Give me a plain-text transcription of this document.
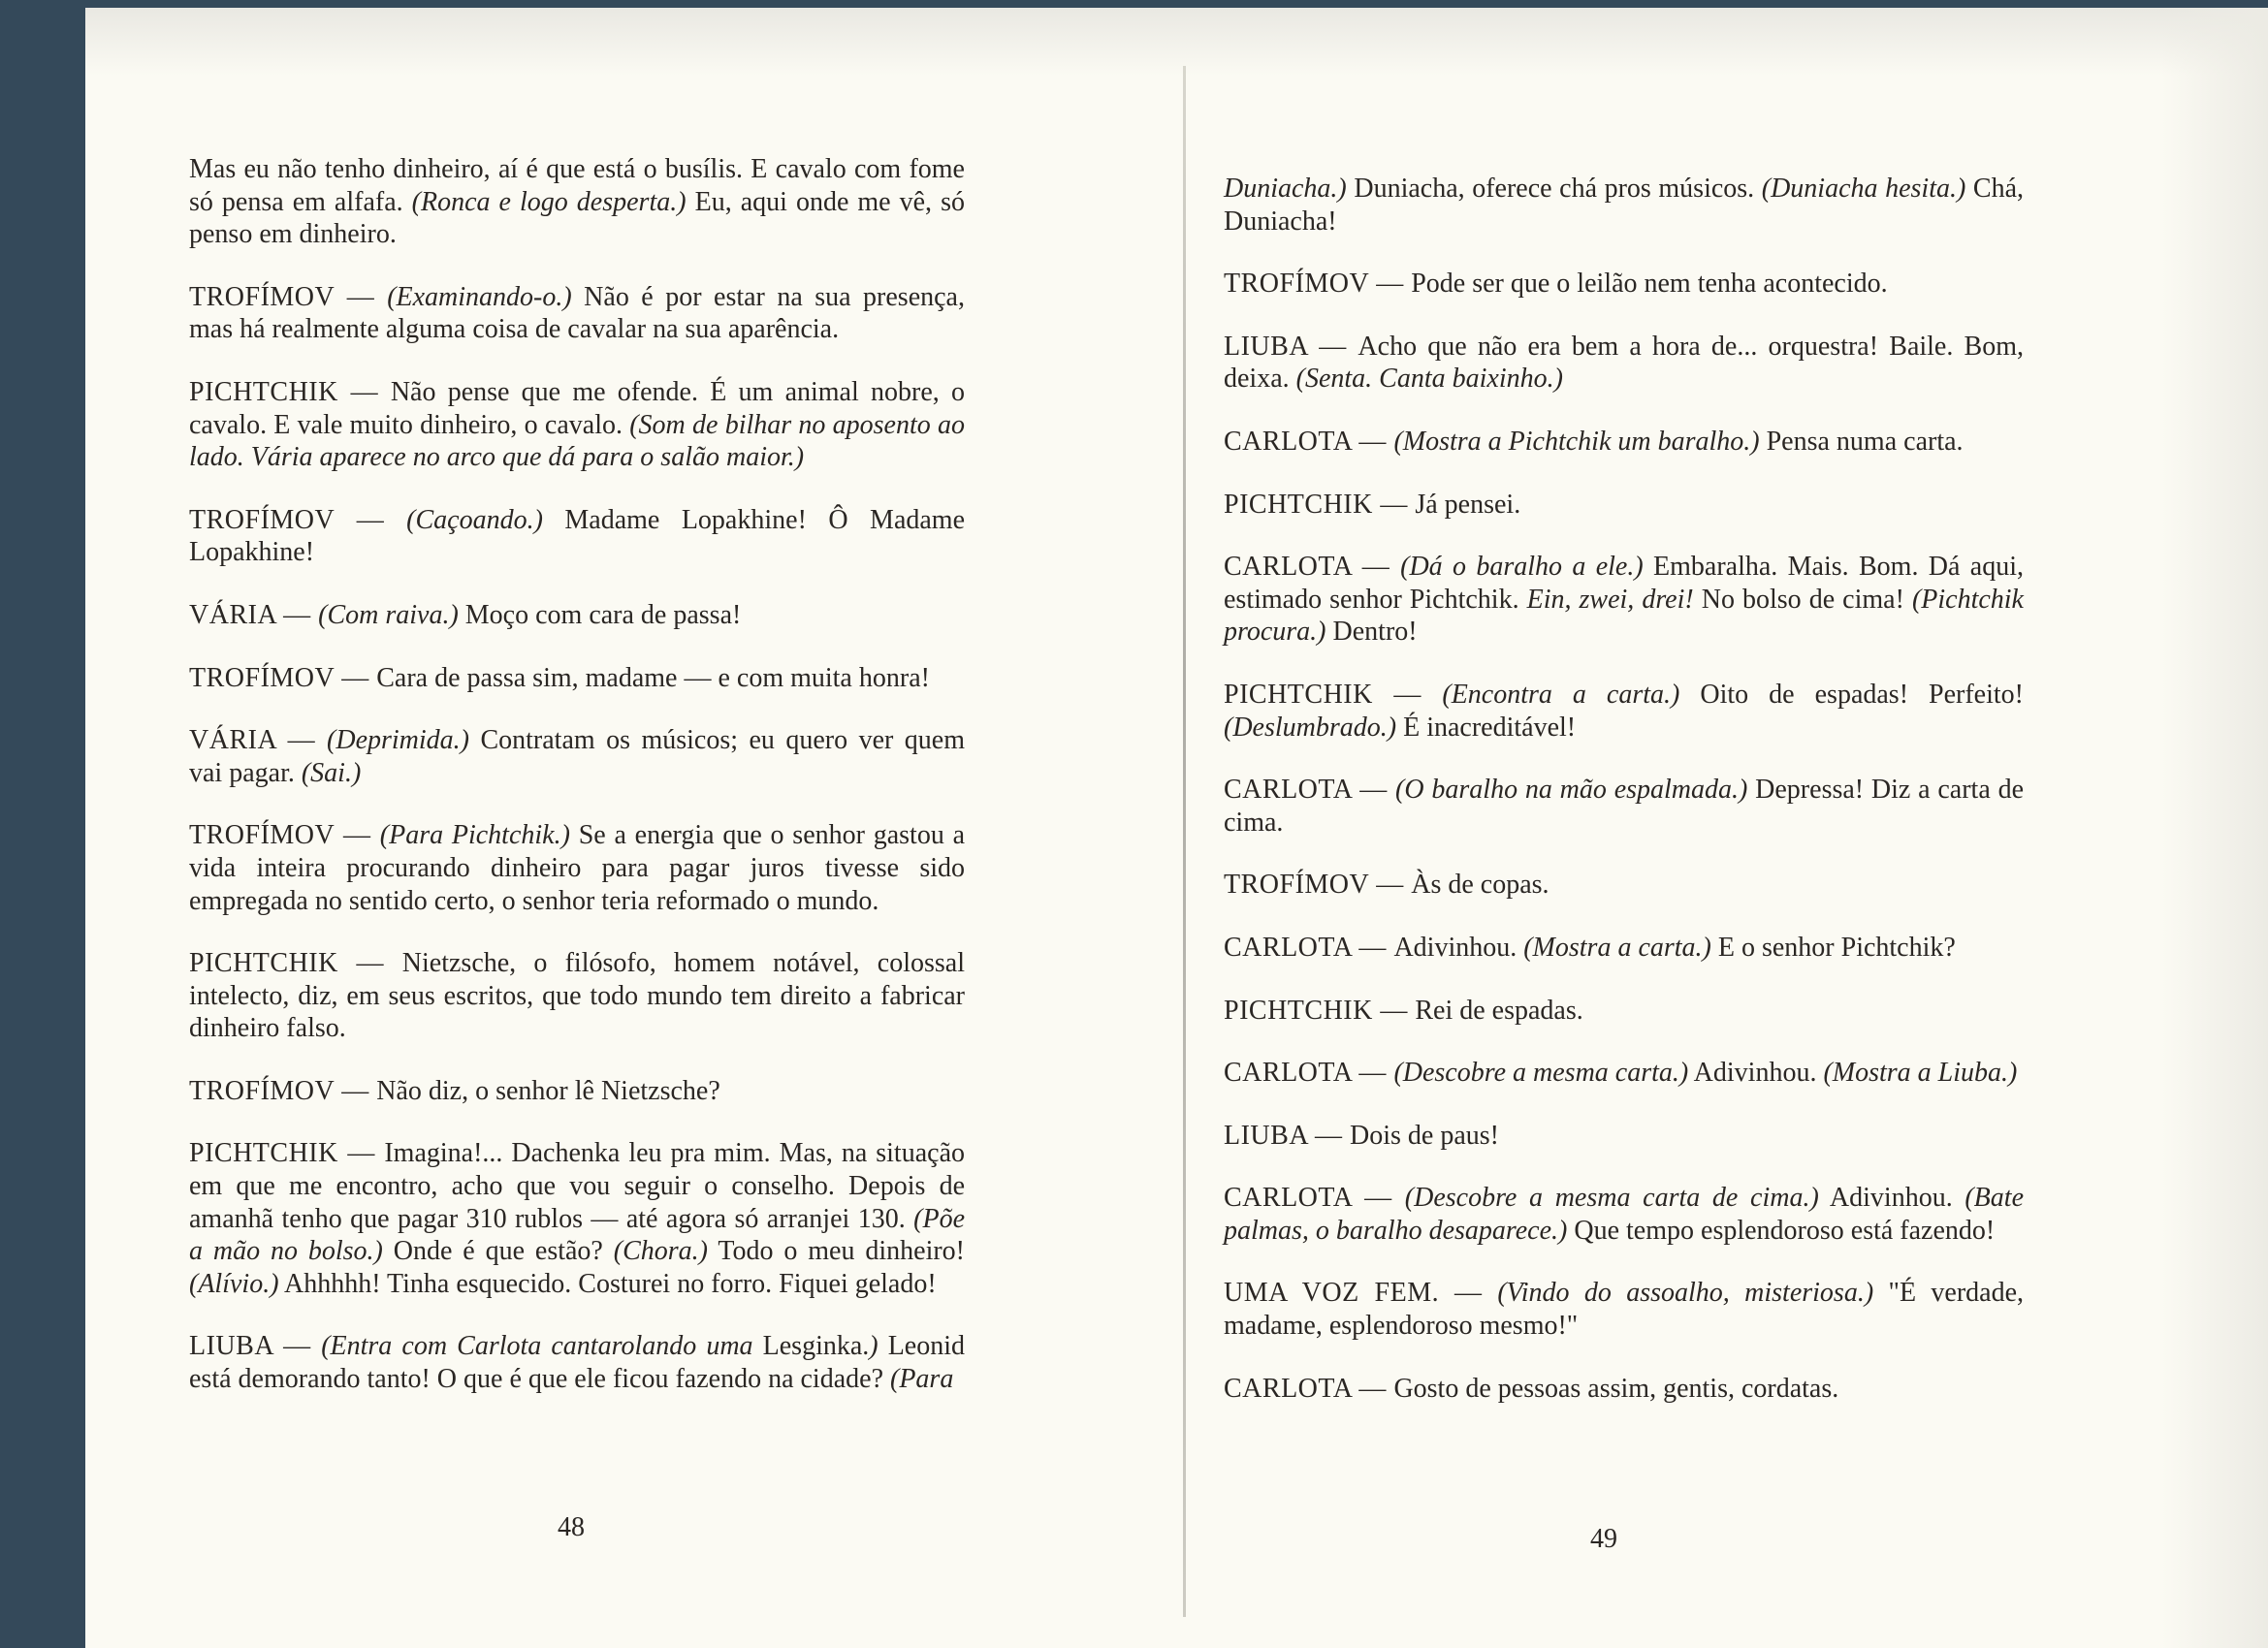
Mas eu não tenho dinheiro, aí é que está o busílis. E cavalo com fome só pensa em alfafa. (Ronca e logo desperta.) Eu, aqui onde me vê, só penso em dinheiro.

TROFÍMOV — (Examinando-o.) Não é por estar na sua presença, mas há realmente alguma coisa de cavalar na sua aparência.

PICHTCHIK — Não pense que me ofende. É um animal nobre, o cavalo. E vale muito dinheiro, o cavalo. (Som de bilhar no aposento ao lado. Vária aparece no arco que dá para o salão maior.)

TROFÍMOV — (Caçoando.) Madame Lopakhine! Ô Madame Lopakhine!

VÁRIA — (Com raiva.) Moço com cara de passa!

TROFÍMOV — Cara de passa sim, madame — e com muita honra!

VÁRIA — (Deprimida.) Contratam os músicos; eu quero ver quem vai pagar. (Sai.)

TROFÍMOV — (Para Pichtchik.) Se a energia que o senhor gastou a vida inteira procurando dinheiro para pagar juros tivesse sido empregada no sentido certo, o senhor teria reformado o mundo.

PICHTCHIK — Nietzsche, o filósofo, homem notável, colossal intelecto, diz, em seus escritos, que todo mundo tem direito a fabricar dinheiro falso.

TROFÍMOV — Não diz, o senhor lê Nietzsche?

PICHTCHIK — Imagina!... Dachenka leu pra mim. Mas, na situação em que me encontro, acho que vou seguir o conselho. Depois de amanhã tenho que pagar 310 rublos — até agora só arranjei 130. (Põe a mão no bolso.) Onde é que estão? (Chora.) Todo o meu dinheiro! (Alívio.) Ahhhhh! Tinha esquecido. Costurei no forro. Fiquei gelado!

LIUBA — (Entra com Carlota cantarolando uma Lesginka.) Leonid está demorando tanto! O que é que ele ficou fazendo na cidade? (Para

48

Duniacha.) Duniacha, oferece chá pros músicos. (Duniacha hesita.) Chá, Duniacha!

TROFÍMOV — Pode ser que o leilão nem tenha acontecido.

LIUBA — Acho que não era bem a hora de... orquestra! Baile. Bom, deixa. (Senta. Canta baixinho.)

CARLOTA — (Mostra a Pichtchik um baralho.) Pensa numa carta.

PICHTCHIK — Já pensei.

CARLOTA — (Dá o baralho a ele.) Embaralha. Mais. Bom. Dá aqui, estimado senhor Pichtchik. Ein, zwei, drei! No bolso de cima! (Pichtchik procura.) Dentro!

PICHTCHIK — (Encontra a carta.) Oito de espadas! Perfeito! (Deslumbrado.) É inacreditável!

CARLOTA — (O baralho na mão espalmada.) Depressa! Diz a carta de cima.

TROFÍMOV — Às de copas.

CARLOTA — Adivinhou. (Mostra a carta.) E o senhor Pichtchik?

PICHTCHIK — Rei de espadas.

CARLOTA — (Descobre a mesma carta.) Adivinhou. (Mostra a Liuba.)

LIUBA — Dois de paus!

CARLOTA — (Descobre a mesma carta de cima.) Adivinhou. (Bate palmas, o baralho desaparece.) Que tempo esplendoroso está fazendo!

UMA VOZ FEM. — (Vindo do assoalho, misteriosa.) "É verdade, madame, esplendoroso mesmo!"

CARLOTA — Gosto de pessoas assim, gentis, cordatas.

49
